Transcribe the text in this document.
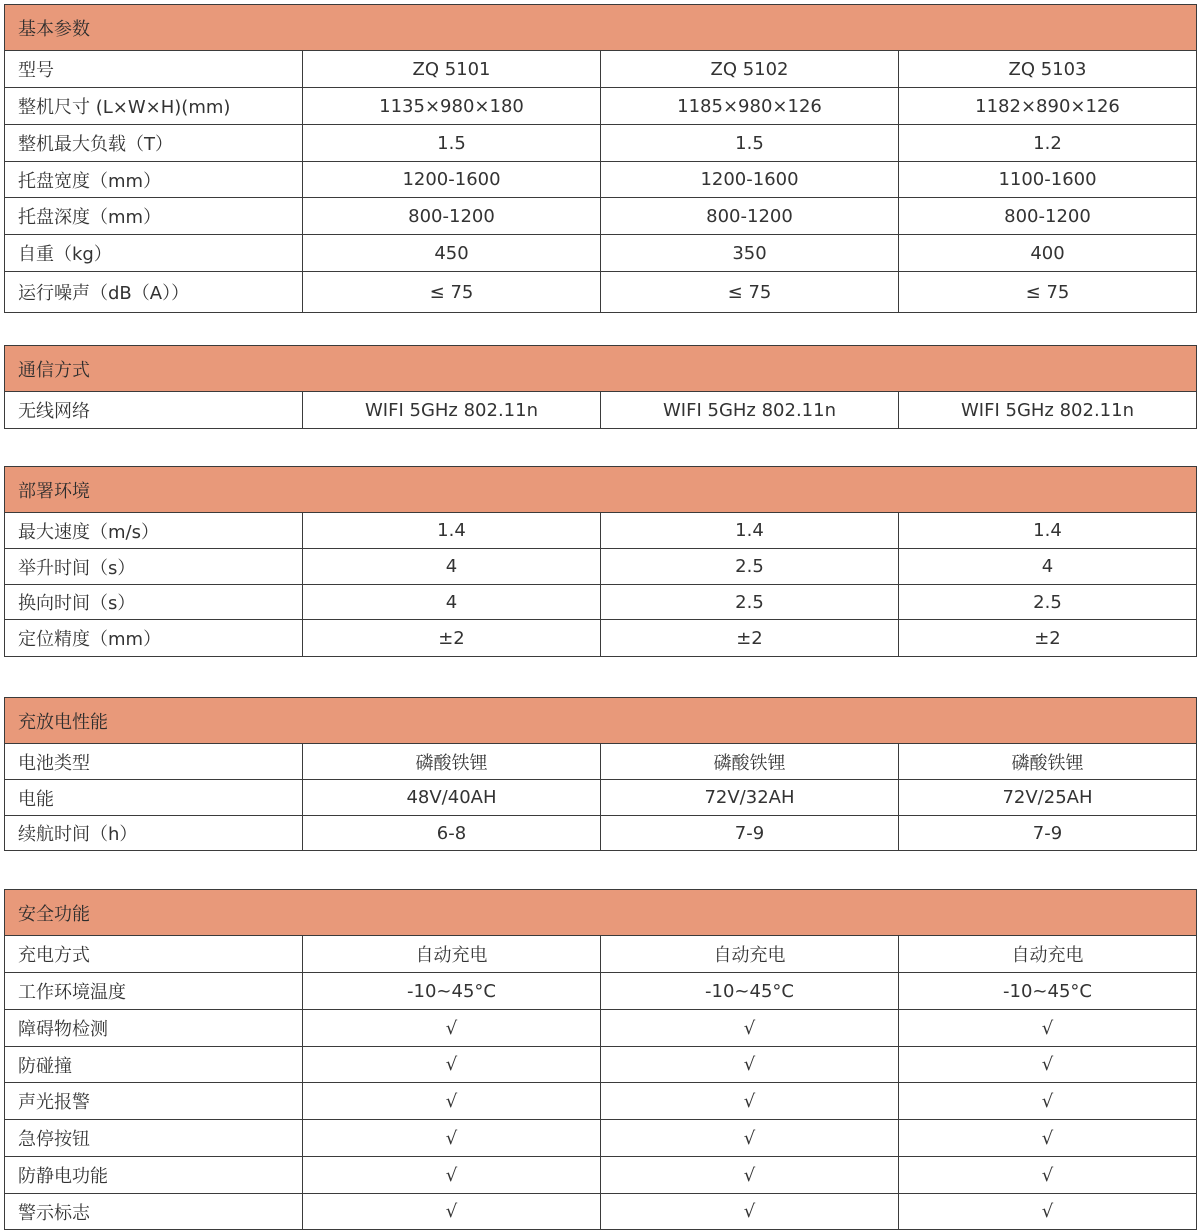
基本参数			
型号	ZQ 5101	ZQ 5102	ZQ 5103
整机尺寸 (L×W×H)(mm)	1135×980×180	1185×980×126	1182×890×126
整机最大负载（T）	1.5	1.5	1.2
托盘宽度（mm）	1200-1600	1200-1600	1100-1600
托盘深度（mm）	800-1200	800-1200	800-1200
自重（kg）	450	350	400
运行噪声（dB（A））	≤ 75	≤ 75	≤ 75
通信方式
无线网络	WIFI 5GHz 802.11n	WIFI 5GHz 802.11n	WIFI 5GHz 802.11n
部署环境			
最大速度（m/s）	1.4	1.4	1.4
举升时间（s）	4	2.5	4
换向时间（s）	4	2.5	2.5
定位精度（mm）	±2	±2	±2
充放电性能			
电池类型	磷酸铁锂	磷酸铁锂	磷酸铁锂
电能	48V/40AH	72V/32AH	72V/25AH
续航时间（h）	6-8	7-9	7-9
安全功能			
充电方式	自动充电	自动充电	自动充电
工作环境温度	-10~45°C	-10~45°C	-10~45°C
障碍物检测	√	√	√
防碰撞	√	√	√
声光报警	√	√	√
急停按钮	√	√	√
防静电功能	√	√	√
警示标志	√	√	√
